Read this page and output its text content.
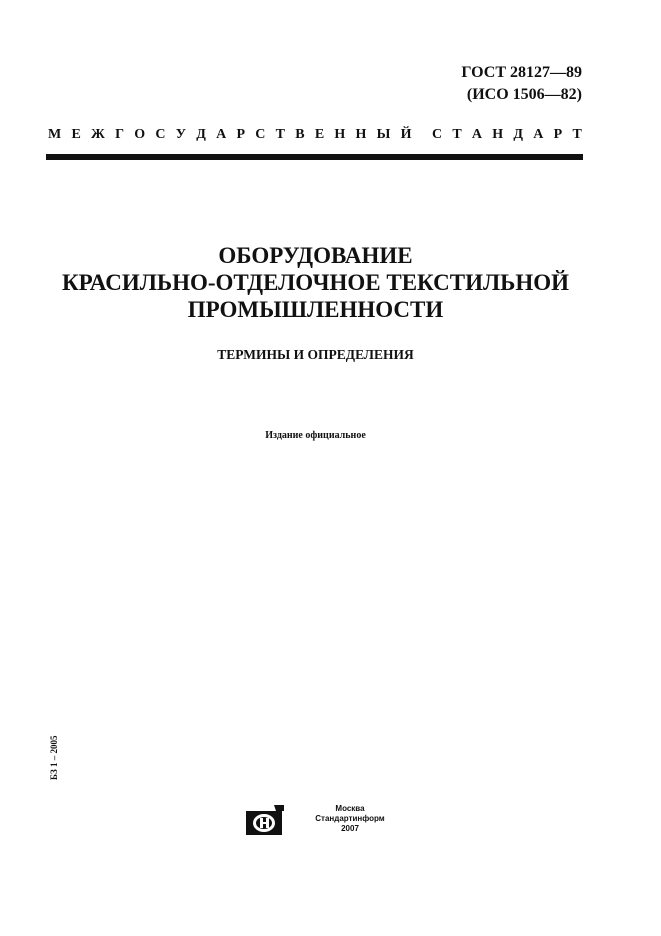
ГОСТ 28127—89
(ИСО 1506—82)
М Е Ж Г О С У Д А Р С Т В Е Н Н Ы Й С Т А Н Д А Р Т
ОБОРУДОВАНИЕ
КРАСИЛЬНО-ОТДЕЛОЧНОЕ ТЕКСТИЛЬНОЙ
ПРОМЫШЛЕННОСТИ
ТЕРМИНЫ И ОПРЕДЕЛЕНИЯ
Издание официальное
БЗ 1 – 2005
Москва
Стандартинформ
2007
